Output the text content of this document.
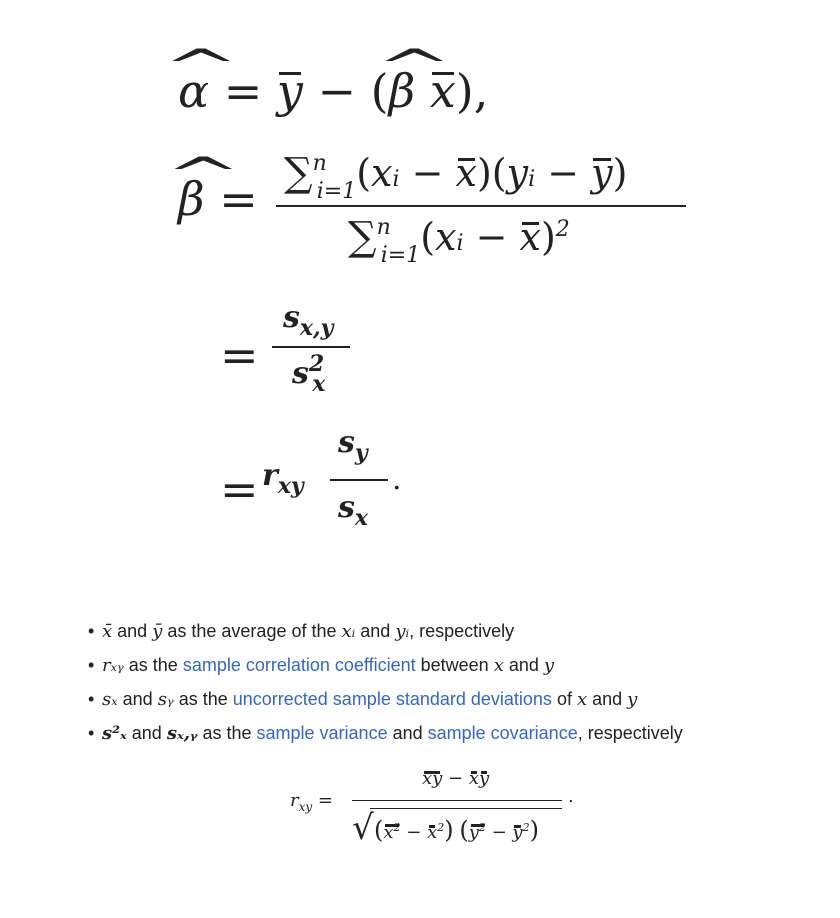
^ α = y − (^ β x),
^ β = ∑$^n_{i=1}$(xi − x)(yi − y)
∑$^n_{i=1}$(xi − x)$^2$
=
$s_{x,y}$
$s^2_x$
= $r_{xy}$
$s_y$
$s_x$
.
• x̄ and ȳ as the average of the xᵢ and yᵢ, respectively
• rₓᵧ as the sample correlation coefficient between x and y
• sₓ and sᵧ as the uncorrected sample standard deviations of x and y
• s²ₓ and sₓ,ᵧ as the sample variance and sample covariance, respectively
$r_{xy}$ =
xy − xy
.
√ $(x^2 - x^2) (y^2 - y^2)$
